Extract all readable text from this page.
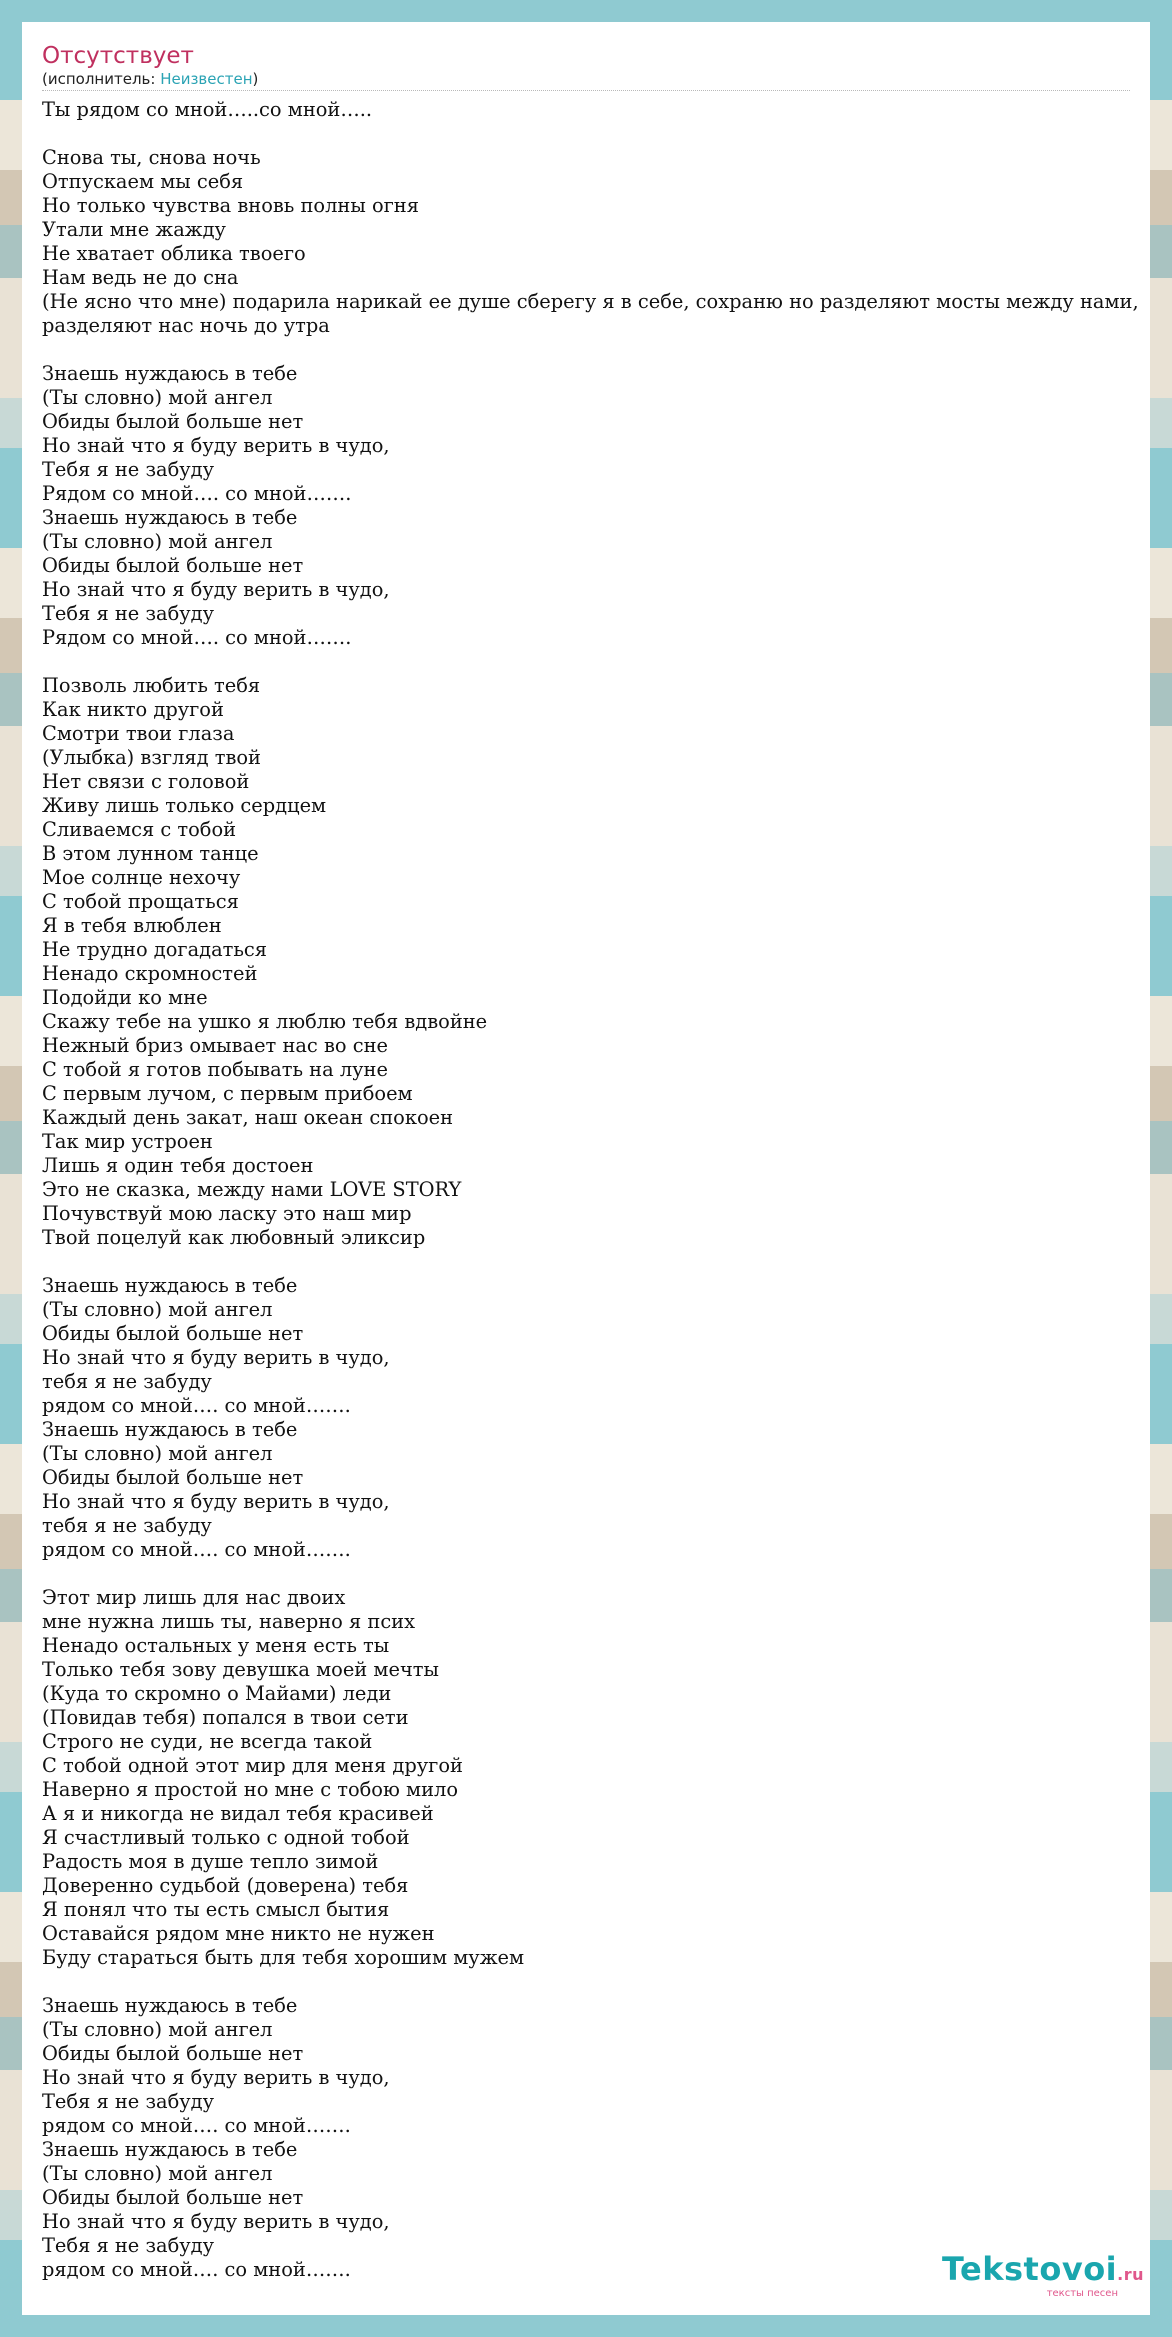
Отсутствует
(исполнитель: Неизвестен)
Ты рядом со мной…..со мной…..

Снова ты, снова ночь
Отпускаем мы себя
Но только чувства вновь полны огня
Утали мне жажду
Не хватает облика твоего
Нам ведь не до сна
(Не ясно что мне) подарила нарикай ее душе сберегу я в себе, сохраню но разделяют мосты между нами,
разделяют нас ночь до утра

Знаешь нуждаюсь в тебе
(Ты словно) мой ангел
Обиды былой больше нет
Но знай что я буду верить в чудо,
Тебя я не забуду
Рядом со мной…. со мной…….
Знаешь нуждаюсь в тебе
(Ты словно) мой ангел
Обиды былой больше нет
Но знай что я буду верить в чудо,
Тебя я не забуду
Рядом со мной…. со мной…….

Позволь любить тебя
Как никто другой
Смотри твои глаза
(Улыбка) взгляд твой
Нет связи с головой
Живу лишь только сердцем
Сливаемся с тобой
В этом лунном танце
Мое солнце нехочу
С тобой прощаться
Я в тебя влюблен
Не трудно догадаться
Ненадо скромностей
Подойди ко мне
Скажу тебе на ушко я люблю тебя вдвойне
Нежный бриз омывает нас во сне
С тобой я готов побывать на луне
С первым лучом, с первым прибоем
Каждый день закат, наш океан спокоен
Так мир устроен
Лишь я один тебя достоен
Это не сказка, между нами LOVE STORY
Почувствуй мою ласку это наш мир
Твой поцелуй как любовный эликсир

Знаешь нуждаюсь в тебе
(Ты словно) мой ангел
Обиды былой больше нет
Но знай что я буду верить в чудо,
тебя я не забуду
рядом со мной…. со мной…….
Знаешь нуждаюсь в тебе
(Ты словно) мой ангел
Обиды былой больше нет
Но знай что я буду верить в чудо,
тебя я не забуду
рядом со мной…. со мной…….

Этот мир лишь для нас двоих
мне нужна лишь ты, наверно я псих
Ненадо остальных у меня есть ты
Только тебя зову девушка моей мечты
(Куда то скромно о Майами) леди
(Повидав тебя) попался в твои сети
Строго не суди, не всегда такой
С тобой одной этот мир для меня другой
Наверно я простой но мне с тобою мило
А я и никогда не видал тебя красивей
Я счастливый только с одной тобой
Радость моя в душе тепло зимой
Доверенно судьбой (доверена) тебя
Я понял что ты есть смысл бытия
Оставайся рядом мне никто не нужен
Буду стараться быть для тебя хорошим мужем

Знаешь нуждаюсь в тебе
(Ты словно) мой ангел
Обиды былой больше нет
Но знай что я буду верить в чудо,
Тебя я не забуду
рядом со мной…. со мной…….
Знаешь нуждаюсь в тебе
(Ты словно) мой ангел
Обиды былой больше нет
Но знай что я буду верить в чудо,
Тебя я не забуду
рядом со мной…. со мной…….	Tekstovoi.ru
тексты песен
